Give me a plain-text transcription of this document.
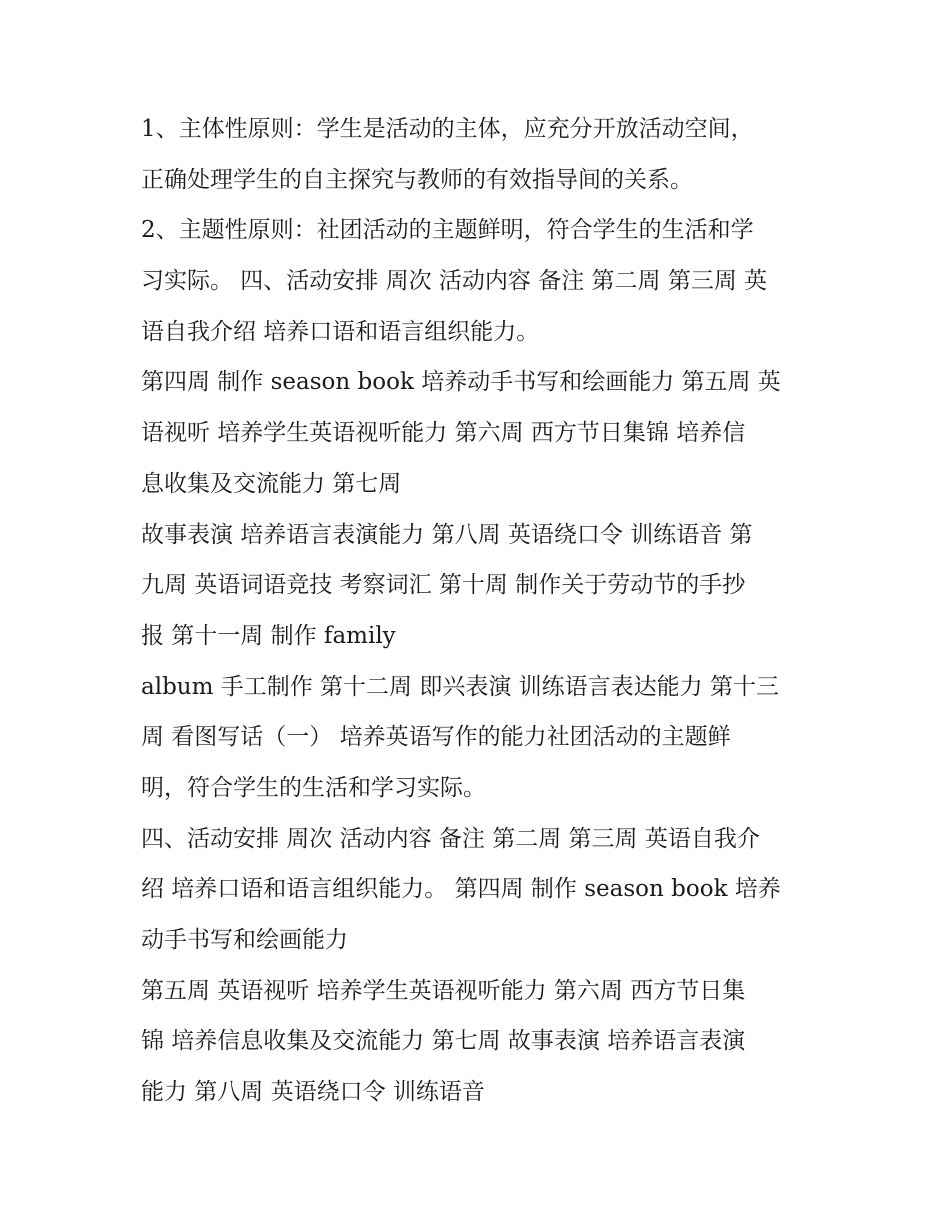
1、主体性原则：学生是活动的主体，应充分开放活动空间，
正确处理学生的自主探究与教师的有效指导间的关系。
2、主题性原则：社团活动的主题鲜明，符合学生的生活和学
习实际。 四、活动安排 周次 活动内容 备注 第二周 第三周 英
语自我介绍 培养口语和语言组织能力。
第四周 制作 season book 培养动手书写和绘画能力 第五周 英
语视听 培养学生英语视听能力 第六周 西方节日集锦 培养信
息收集及交流能力 第七周
故事表演 培养语言表演能力 第八周 英语绕口令 训练语音 第
九周 英语词语竞技 考察词汇 第十周 制作关于劳动节的手抄
报 第十一周 制作 family
album 手工制作 第十二周 即兴表演 训练语言表达能力 第十三
周 看图写话（一） 培养英语写作的能力社团活动的主题鲜
明，符合学生的生活和学习实际。
四、活动安排 周次 活动内容 备注 第二周 第三周 英语自我介
绍 培养口语和语言组织能力。 第四周 制作 season book 培养
动手书写和绘画能力
第五周 英语视听 培养学生英语视听能力 第六周 西方节日集
锦 培养信息收集及交流能力 第七周 故事表演 培养语言表演
能力 第八周 英语绕口令 训练语音
